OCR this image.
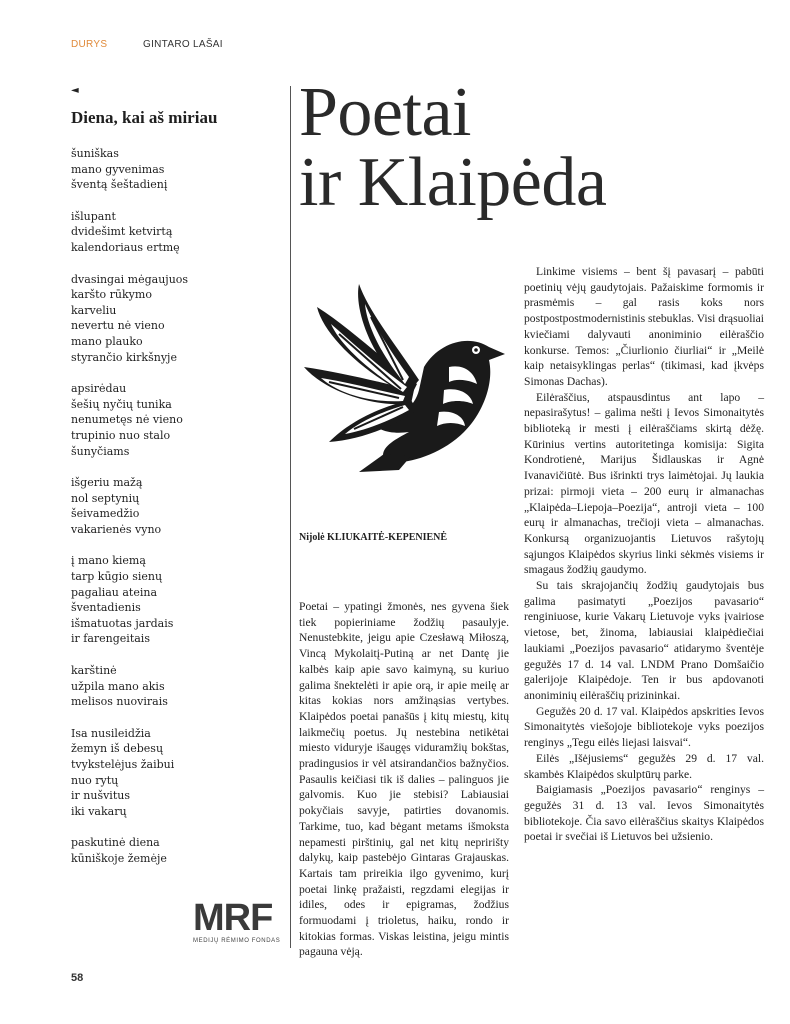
DURYS	GINTARO LAŠAI
◄
Diena, kai aš miriau
šuniškas
mano gyvenimas
šventą šeštadienį
išlupant
dvidešimt ketvirtą
kalendoriaus ertmę
dvasingai mėgaujuos
karšto rūkymo
karveliu
nevertu nė vieno
mano plauko
styrančio kirkšnyje
apsirėdau
šešių nyčių tunika
nenumetęs nė vieno
trupinio nuo stalo
šunyčiams
išgeriu mažą
nol septynių
šeivamedžio
vakarienės vyno
į mano kiemą
tarp kūgio sienų
pagaliau ateina
šventadienis
išmatuotas jardais
ir farengeitais
karštinė
užpila mano akis
melisos nuovirais
Isa nusileidžia
žemyn iš debesų
tvykstelėjus žaibui
nuo rytų
ir nušvitus
iki vakarų
paskutinė diena
kūniškoje žemėje
MRF
MEDIJŲ RĖMIMO FONDAS
Poetai
ir Klaipėda
Nijolė KLIUKAITĖ-KEPENIENĖ

Poetai – ypatingi žmonės, nes gyvena šiek tiek popieriniame žodžių pasaulyje. Nenustebkite, jeigu apie Czesławą Miłoszą, Vincą Mykolaitį-Putiną ar net Dantę jie kalbės kaip apie savo kaimyną, su kuriuo galima šnektelėti ir apie orą, ir apie meilę ar kitas kokias nors amžinąsias vertybes. Klaipėdos poetai panašūs į kitų miestų, kitų laikmečių poetus. Jų nestebina netikėtai miesto viduryje išaugęs viduramžių bokštas, pradingusios ir vėl atsirandančios bažnyčios. Pasaulis keičiasi tik iš dalies – palinguos jie galvomis. Kuo jie stebisi? Labiausiai pokyčiais savyje, patirties dovanomis. Tarkime, tuo, kad bėgant metams išmoksta nepamesti pirštinių, gal net kitų nepririšty dalykų, kaip pastebėjo Gintaras Grajauskas. Kartais tam prireikia ilgo gyvenimo, kurį poetai linkę pražaisti, regzdami elegijas ir idiles, odes ir epigramas, žodžius formuodami į trioletus, haiku, rondo ir kitokias formas. Viskas leistina, jeigu mintis pagauna vėją.

Linkime visiems – bent šį pavasarį – pabūti poetinių vėjų gaudytojais. Pažaiskime formomis ir prasmėmis – gal rasis koks nors postpostpostmodernistinis stebuklas. Visi drąsuoliai kviečiami dalyvauti anoniminio eilėraščio konkurse. Temos: „Čiurlionio čiurliai“ ir „Meilė kaip netaisyklingas perlas“ (tikimasi, kad įkvėps Simonas Dachas).

Eilėraščius, atspausdintus ant lapo – nepasirašytus! – galima nešti į Ievos Simonaitytės biblioteką ir mesti į eilėraščiams skirtą dėžę. Kūrinius vertins autoritetinga komisija: Sigita Kondrotienė, Marijus Šidlauskas ir Agnė Ivanavičiūtė. Bus išrinkti trys laimėtojai. Jų laukia prizai: pirmoji vieta – 200 eurų ir almanachas „Klaipėda–Liepoja–Poezija“, antroji vieta – 100 eurų ir almanachas, trečioji vieta – almanachas. Konkursą organizuojantis Lietuvos rašytojų sąjungos Klaipėdos skyrius linki sėkmės visiems ir smagaus žodžių gaudymo.

Su tais skrajojančių žodžių gaudytojais bus galima pasimatyti „Poezijos pavasario“ renginiuose, kurie Vakarų Lietuvoje vyks įvairiose vietose, bet, žinoma, labiausiai klaipėdiečiai laukiami „Poezijos pavasario“ atidarymo šventėje gegužės 17 d. 14 val. LNDM Prano Domšaičio galerijoje Klaipėdoje. Ten ir bus apdovanoti anoniminių eilėraščių prizininkai.

Gegužės 20 d. 17 val. Klaipėdos apskrities Ievos Simonaitytės viešojoje bibliotekoje vyks poezijos renginys „Tegu eilės liejasi laisvai“.

Eilės „Išėjusiems“ gegužės 29 d. 17 val. skambės Klaipėdos skulptūrų parke.

Baigiamasis „Poezijos pavasario“ renginys – gegužės 31 d. 13 val. Ievos Simonaitytės bibliotekoje. Čia savo eilėraščius skaitys Klaipėdos poetai ir svečiai iš Lietuvos bei užsienio.

58
